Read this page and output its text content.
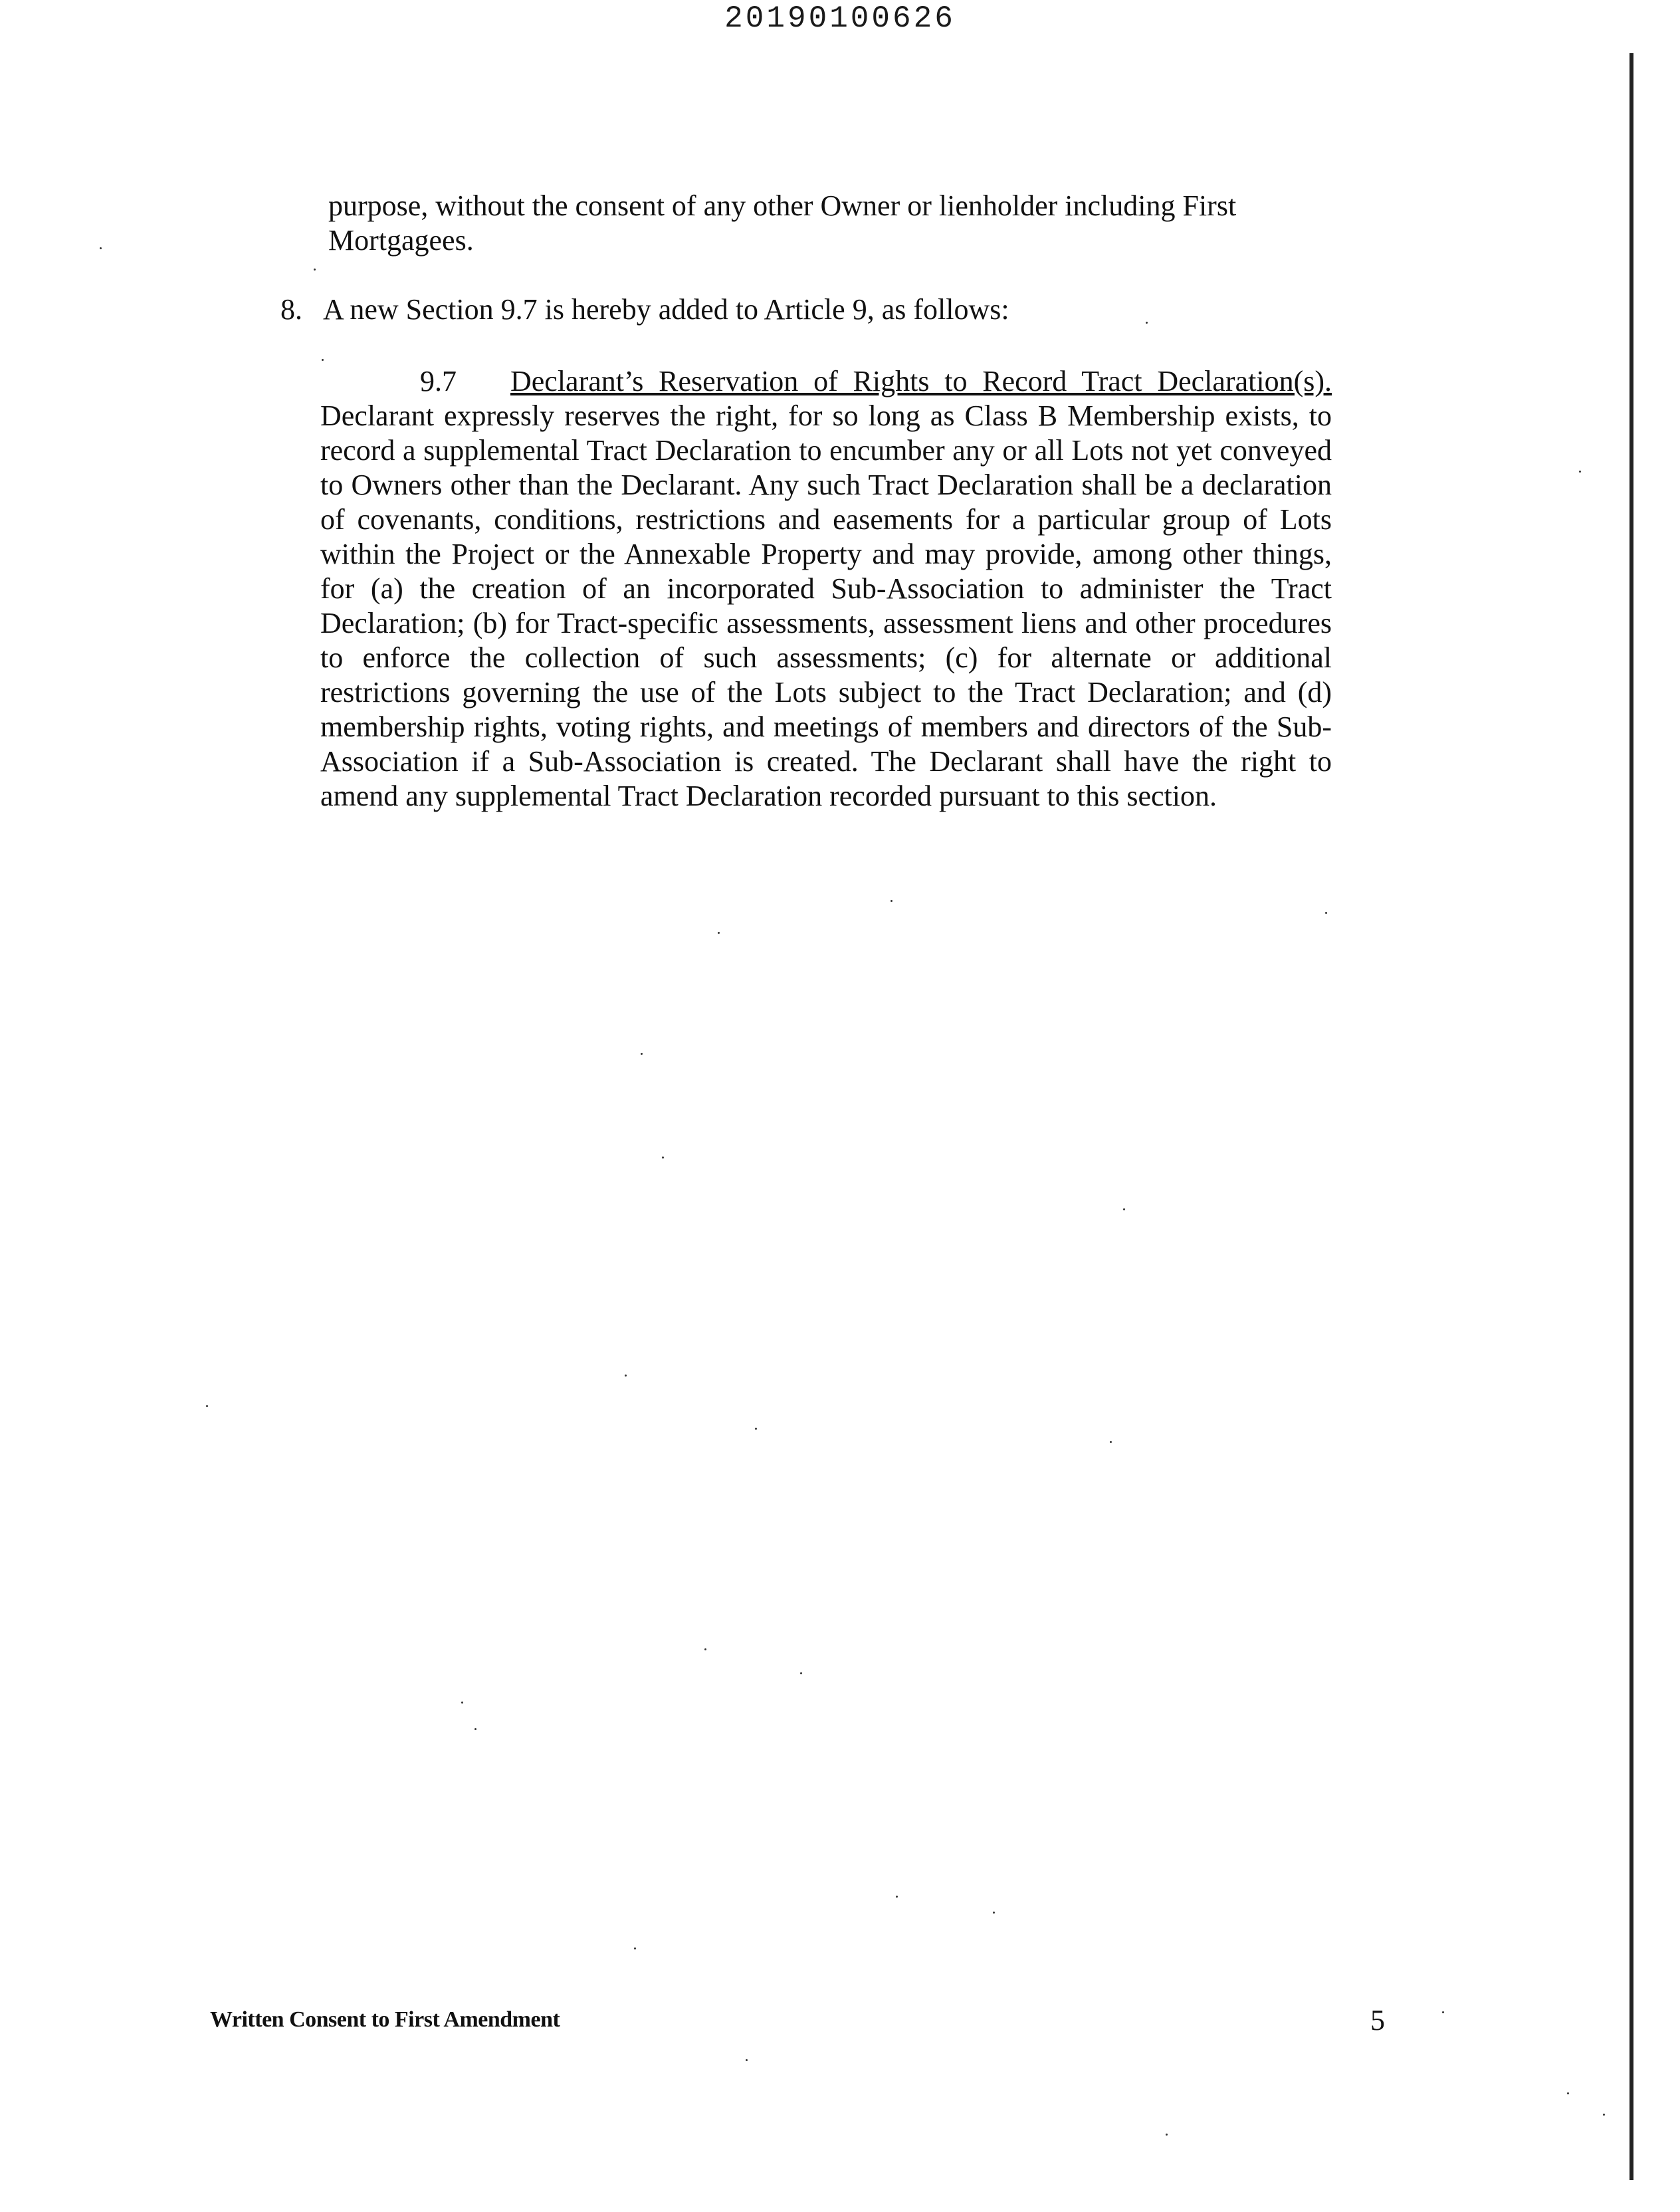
20190100626
purpose, without the consent of any other Owner or lienholder including First
Mortgagees.
8. A new Section 9.7 is hereby added to Article 9, as follows:
9.7 Declarant’s Reservation of Rights to Record Tract Declaration(s). Declarant expressly reserves the right, for so long as Class B Membership exists, to record a supplemental Tract Declaration to encumber any or all Lots not yet conveyed to Owners other than the Declarant. Any such Tract Declaration shall be a declaration of covenants, conditions, restrictions and easements for a particular group of Lots within the Project or the Annexable Property and may provide, among other things, for (a) the creation of an incorporated Sub-Association to administer the Tract Declaration; (b) for Tract-specific assessments, assessment liens and other procedures to enforce the collection of such assessments; (c) for alternate or additional restrictions governing the use of the Lots subject to the Tract Declaration; and (d) membership rights, voting rights, and meetings of members and directors of the Sub-Association if a Sub-Association is created. The Declarant shall have the right to amend any supplemental Tract Declaration recorded pursuant to this section.
Written Consent to First Amendment	5
